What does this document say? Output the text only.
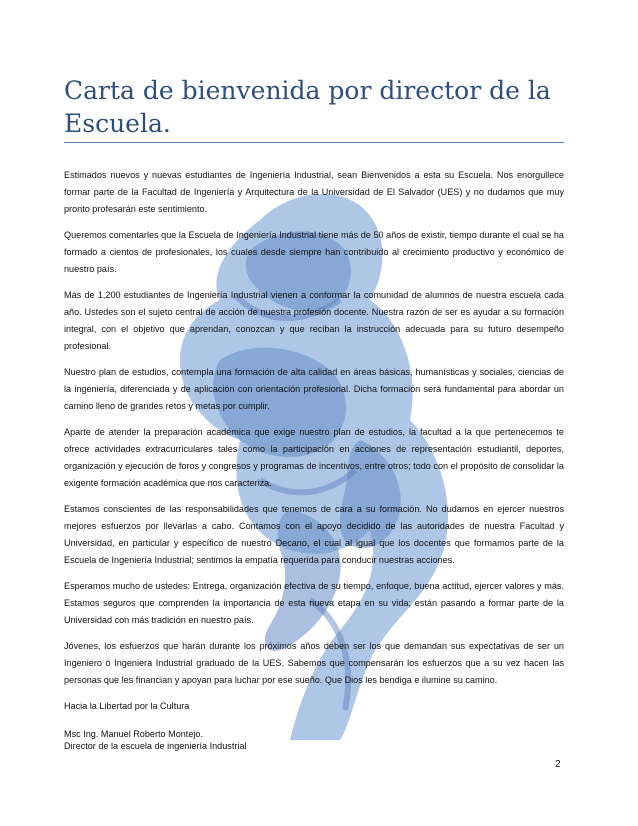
Carta de bienvenida por director de la Escuela.

Estimados nuevos y nuevas estudiantes de Ingeniería Industrial, sean Bienvenidos a esta su Escuela. Nos enorgullece formar parte de la Facultad de Ingeniería y Arquitectura de la Universidad de El Salvador (UES) y no dudamos que muy pronto profesarán este sentimiento.

Queremos comentarles que la Escuela de Ingeniería Industrial tiene más de 50 años de existir, tiempo durante el cual se ha formado a cientos de profesionales, los cuales desde siempre han contribuido al crecimiento productivo y económico de nuestro país.

Más de 1,200 estudiantes de Ingeniería Industrial vienen a conformar la comunidad de alumnos de nuestra escuela cada año. Ustedes son el sujeto central de acción de nuestra profesión docente. Nuestra razón de ser es ayudar a su formación integral, con el objetivo que aprendan, conozcan y que reciban la instrucción adecuada para su futuro desempeño profesional.

Nuestro plan de estudios, contempla una formación de alta calidad en áreas básicas, humanísticas y sociales, ciencias de la ingeniería, diferenciada y de aplicación con orientación profesional. Dicha formación será fundamental para abordar un camino lleno de grandes retos y metas por cumplir.

Aparte de atender la preparación académica que exige nuestro plan de estudios, la facultad a la que pertenecemos te ofrece actividades extracurriculares tales como la participación en acciones de representación estudiantil, deportes, organización y ejecución de foros y congresos y programas de incentivos, entre otros; todo con el propósito de consolidar la exigente formación académica que nos caracteriza.

Estamos conscientes de las responsabilidades que tenemos de cara a su formación. No dudamos en ejercer nuestros mejores esfuerzos por llevarlas a cabo. Contamos con el apoyo decidido de las autoridades de nuestra Facultad y Universidad, en particular y específico de nuestro Decano, el cual al igual que los docentes que formamos parte de la Escuela de Ingeniería Industrial; sentimos la empatía requerida para conducir nuestras acciones.

Esperamos mucho de ustedes: Entrega, organización efectiva de su tiempo, enfoque, buena actitud, ejercer valores y más. Estamos seguros que comprenden la importancia de esta nueva etapa en su vida; están pasando a formar parte de la Universidad con más tradición en nuestro país.

Jóvenes, los esfuerzos que harán durante los próximos años deben ser los que demandan sus expectativas de ser un Ingeniero ó Ingeniera Industrial graduado de la UES. Sabemos que compensarán los esfuerzos que a su vez hacen las personas que les financian y apoyan para luchar por ese sueño. Que Dios les bendiga e ilumine su camino.

Hacia la Libertad por la Cultura

Msc Ing. Manuel Roberto Montejo.
Director de la escuela de ingeniería Industrial
2
